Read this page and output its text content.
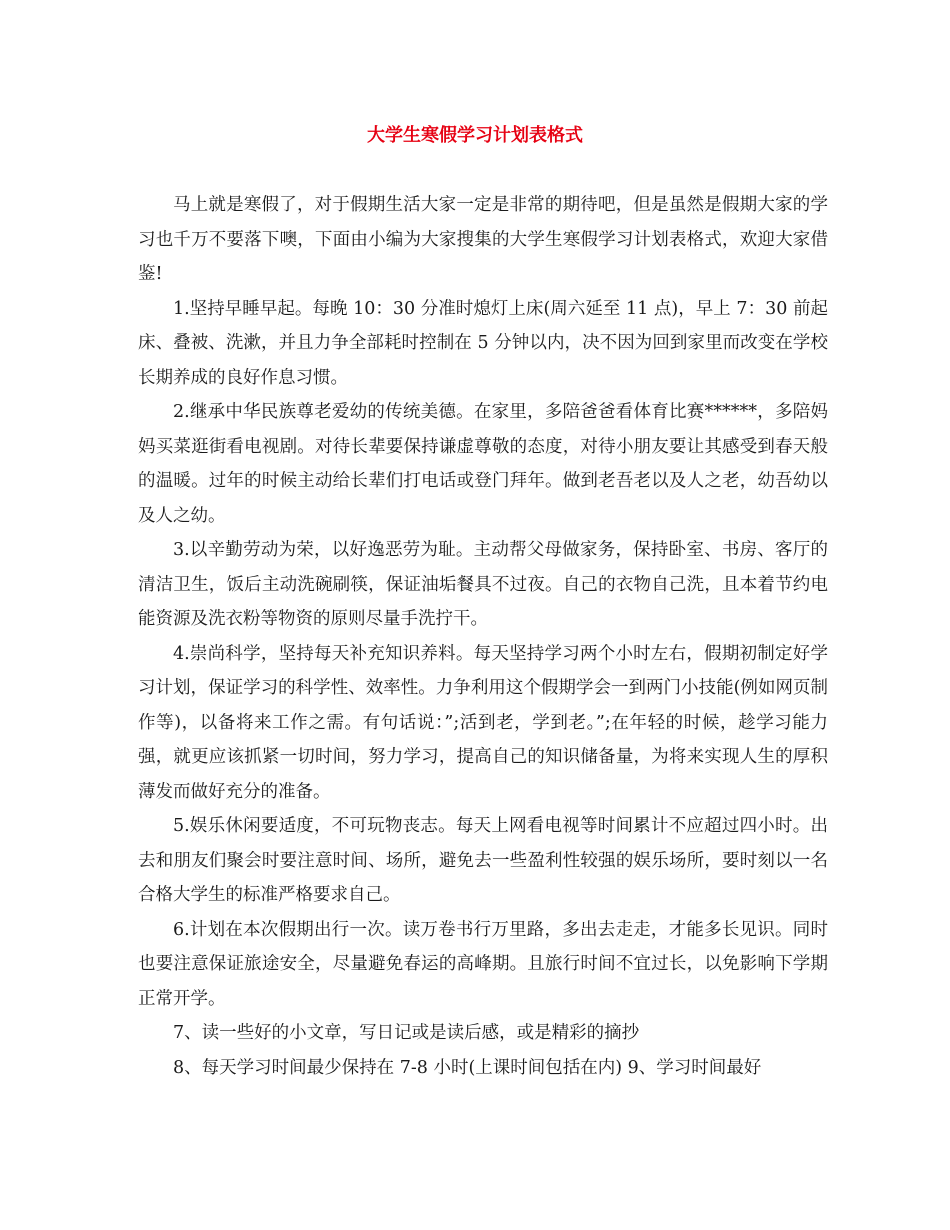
大学生寒假学习计划表格式

马上就是寒假了，对于假期生活大家一定是非常的期待吧，但是虽然是假期大家的学习也千万不要落下噢，下面由小编为大家搜集的大学生寒假学习计划表格式，欢迎大家借鉴!

1.坚持早睡早起。每晚 10：30 分准时熄灯上床(周六延至 11 点)，早上 7：30 前起床、叠被、洗漱，并且力争全部耗时控制在 5 分钟以内，决不因为回到家里而改变在学校长期养成的良好作息习惯。

2.继承中华民族尊老爱幼的传统美德。在家里，多陪爸爸看体育比赛******，多陪妈妈买菜逛街看电视剧。对待长辈要保持谦虚尊敬的态度，对待小朋友要让其感受到春天般的温暖。过年的时候主动给长辈们打电话或登门拜年。做到老吾老以及人之老，幼吾幼以及人之幼。

3.以辛勤劳动为荣，以好逸恶劳为耻。主动帮父母做家务，保持卧室、书房、客厅的清洁卫生，饭后主动洗碗刷筷，保证油垢餐具不过夜。自己的衣物自己洗，且本着节约电能资源及洗衣粉等物资的原则尽量手洗拧干。

4.崇尚科学，坚持每天补充知识养料。每天坚持学习两个小时左右，假期初制定好学习计划，保证学习的科学性、效率性。力争利用这个假期学会一到两门小技能(例如网页制作等)，以备将来工作之需。有句话说：”;活到老，学到老。”;在年轻的时候，趁学习能力强，就更应该抓紧一切时间，努力学习，提高自己的知识储备量，为将来实现人生的厚积薄发而做好充分的准备。

5.娱乐休闲要适度，不可玩物丧志。每天上网看电视等时间累计不应超过四小时。出去和朋友们聚会时要注意时间、场所，避免去一些盈利性较强的娱乐场所，要时刻以一名合格大学生的标准严格要求自己。

6.计划在本次假期出行一次。读万卷书行万里路，多出去走走，才能多长见识。同时也要注意保证旅途安全，尽量避免春运的高峰期。且旅行时间不宜过长，以免影响下学期正常开学。

7、读一些好的小文章，写日记或是读后感，或是精彩的摘抄

8、每天学习时间最少保持在 7-8 小时(上课时间包括在内) 9、学习时间最好
